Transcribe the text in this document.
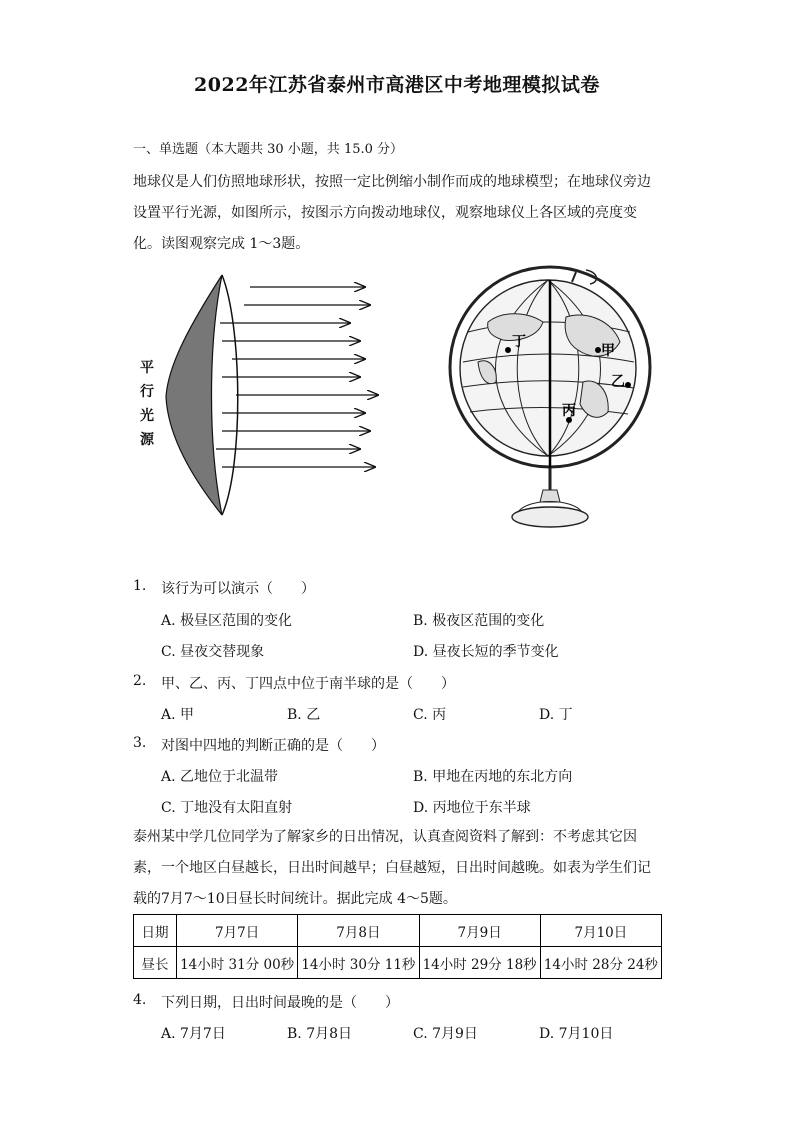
2022年江苏省泰州市高港区中考地理模拟试卷
一、单选题（本大题共 30 小题，共 15.0 分）

地球仪是人们仿照地球形状，按照一定比例缩小制作而成的地球模型；在地球仪旁边设置平行光源，如图所示，按图示方向拨动地球仪，观察地球仪上各区域的亮度变化。读图观察完成 1～3题。

平
行
光
源
甲
乙
丙
丁
1. 该行为可以演示（　　）
A. 极昼区范围的变化	B. 极夜区范围的变化
C. 昼夜交替现象	D. 昼夜长短的季节变化
2. 甲、乙、丙、丁四点中位于南半球的是（　　）
A. 甲	B. 乙	C. 丙	D. 丁
3. 对图中四地的判断正确的是（　　）
A. 乙地位于北温带	B. 甲地在丙地的东北方向
C. 丁地没有太阳直射	D. 丙地位于东半球

泰州某中学几位同学为了解家乡的日出情况，认真查阅资料了解到：不考虑其它因素，一个地区白昼越长，日出时间越早；白昼越短，日出时间越晚。如表为学生们记载的7月7～10日昼长时间统计。据此完成 4～5题。

日期	7月7日	7月8日	7月9日	7月10日
昼长	14小时 31分 00秒	14小时 30分 11秒	14小时 29分 18秒	14小时 28分 24秒
4. 下列日期，日出时间最晚的是（　　）
A. 7月7日	B. 7月8日	C. 7月9日	D. 7月10日
